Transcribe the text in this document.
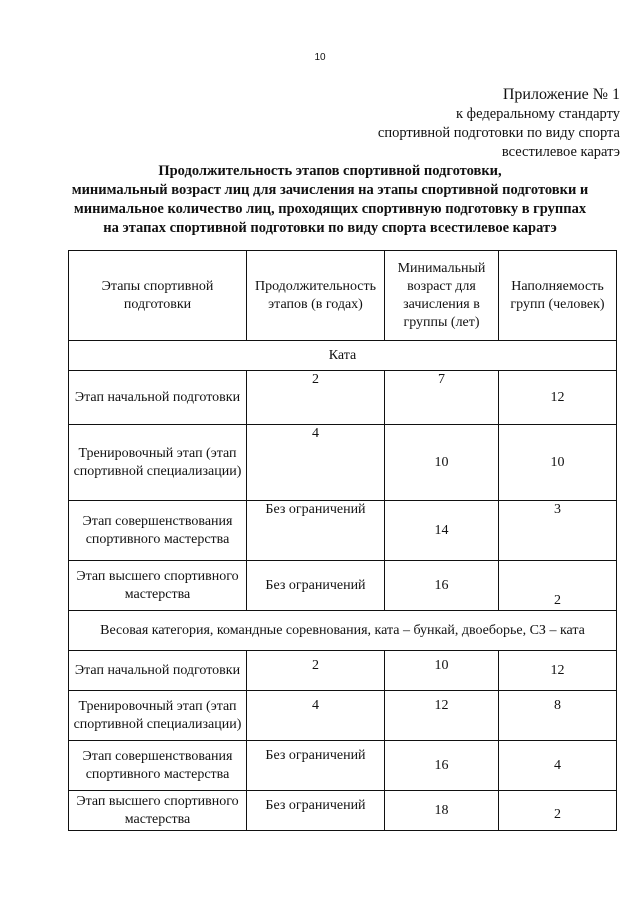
10
Приложение № 1
к федеральному стандарту
спортивной подготовки по виду спорта
всестилевое каратэ
Продолжительность этапов спортивной подготовки,
минимальный возраст лиц для зачисления на этапы спортивной подготовки и
минимальное количество лиц, проходящих спортивную подготовку в группах
на этапах спортивной подготовки по виду спорта всестилевое каратэ
Этапы спортивной подготовки	Продолжительность этапов (в годах)	Минимальный возраст для зачисления в группы (лет)	Наполняемость групп (человек)
Ката			
Этап начальной подготовки	2	7	12
Тренировочный этап (этап спортивной специализации)	4	10	10
Этап совершенствования спортивного мастерства	Без ограничений	14	3
Этап высшего спортивного мастерства	Без ограничений	16	2
Весовая категория, командные соревнования, ката – бункай, двоеборье, СЗ – ката			
Этап начальной подготовки	2	10	12
Тренировочный этап (этап спортивной специализации)	4	12	8
Этап совершенствования спортивного мастерства	Без ограничений	16	4
Этап высшего спортивного мастерства	Без ограничений	18	2
